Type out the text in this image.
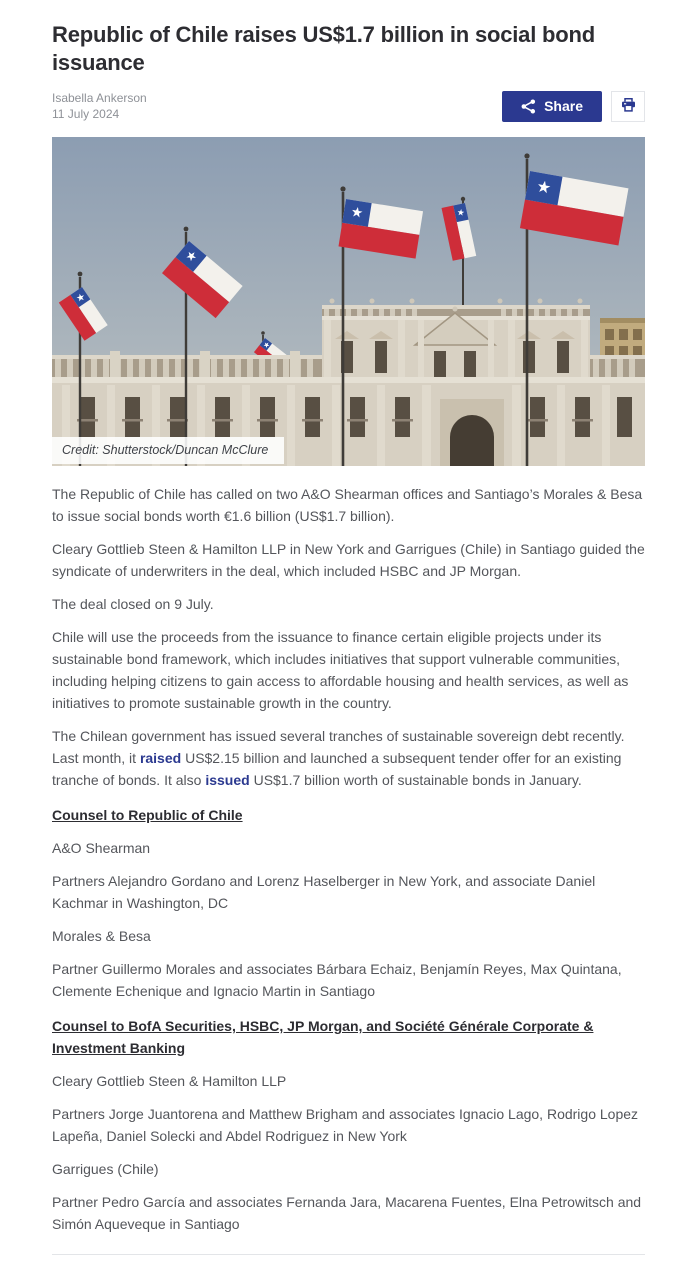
Republic of Chile raises US$1.7 billion in social bond issuance
Isabella Ankerson
11 July 2024	Share
Credit: Shutterstock/Duncan McClure

The Republic of Chile has called on two A&O Shearman offices and Santiago’s Morales & Besa to issue social bonds worth €1.6 billion (US$1.7 billion).

Cleary Gottlieb Steen & Hamilton LLP in New York and Garrigues (Chile) in Santiago guided the syndicate of underwriters in the deal, which included HSBC and JP Morgan.

The deal closed on 9 July.

Chile will use the proceeds from the issuance to finance certain eligible projects under its sustainable bond framework, which includes initiatives that support vulnerable communities, including helping citizens to gain access to affordable housing and health services, as well as initiatives to promote sustainable growth in the country.

The Chilean government has issued several tranches of sustainable sovereign debt recently. Last month, it raised US$2.15 billion and launched a subsequent tender offer for an existing tranche of bonds. It also issued US$1.7 billion worth of sustainable bonds in January.

Counsel to Republic of Chile

A&O Shearman

Partners Alejandro Gordano and Lorenz Haselberger in New York, and associate Daniel Kachmar in Washington, DC

Morales & Besa

Partner Guillermo Morales and associates Bárbara Echaiz, Benjamín Reyes, Max Quintana, Clemente Echenique and Ignacio Martin in Santiago

Counsel to BofA Securities, HSBC, JP Morgan, and Société Générale Corporate & Investment Banking

Cleary Gottlieb Steen & Hamilton LLP

Partners Jorge Juantorena and Matthew Brigham and associates Ignacio Lago, Rodrigo Lopez Lapeña, Daniel Solecki and Abdel Rodriguez in New York

Garrigues (Chile)

Partner Pedro García and associates Fernanda Jara, Macarena Fuentes, Elna Petrowitsch and Simón Aqueveque in Santiago
